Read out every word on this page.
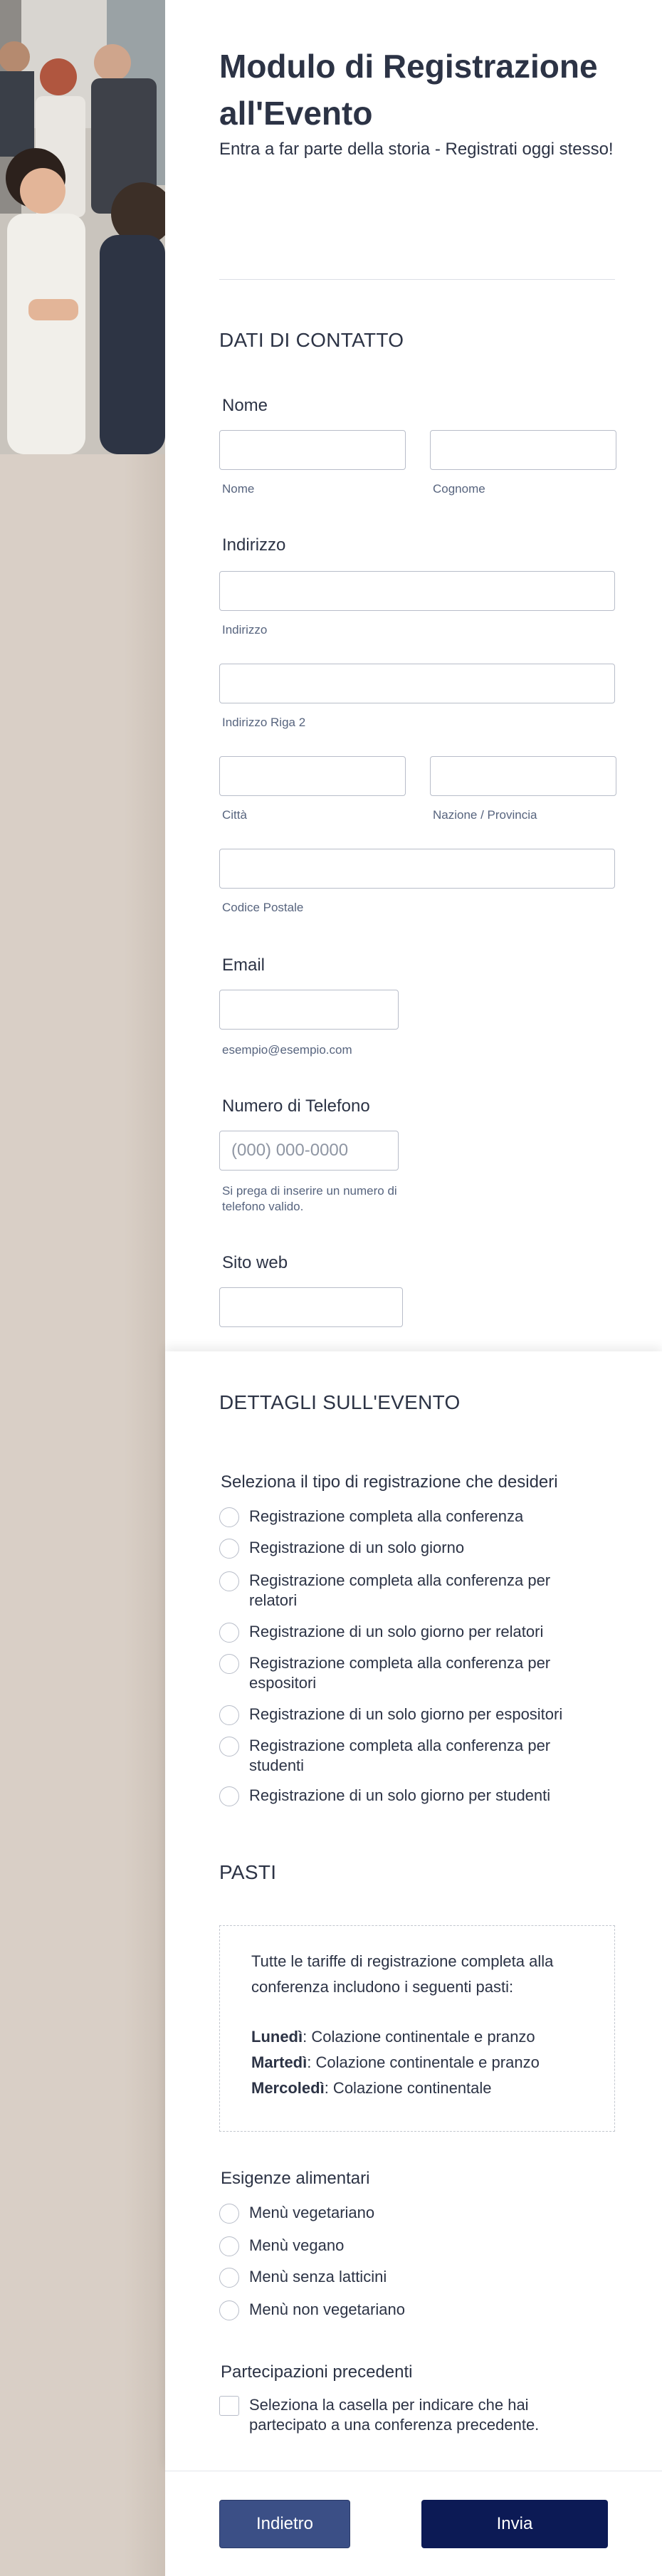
Modulo di Registrazione all'Evento
Entra a far parte della storia - Registrati oggi stesso!
DATI DI CONTATTO
Nome
Nome	Cognome
Indirizzo
Indirizzo
Indirizzo Riga 2
Città	Nazione / Provincia
Codice Postale
Email
esempio@esempio.com
Numero di Telefono
(000) 000-0000
Si prega di inserire un numero di telefono valido.
Sito web
DETTAGLI SULL'EVENTO
Seleziona il tipo di registrazione che desideri
Registrazione completa alla conferenza
Registrazione di un solo giorno
Registrazione completa alla conferenza per relatori
Registrazione di un solo giorno per relatori
Registrazione completa alla conferenza per espositori
Registrazione di un solo giorno per espositori
Registrazione completa alla conferenza per studenti
Registrazione di un solo giorno per studenti
PASTI
Tutte le tariffe di registrazione completa alla conferenza includono i seguenti pasti:
Lunedì: Colazione continentale e pranzo
Martedì: Colazione continentale e pranzo
Mercoledì: Colazione continentale
Esigenze alimentari
Menù vegetariano
Menù vegano
Menù senza latticini
Menù non vegetariano
Partecipazioni precedenti
Seleziona la casella per indicare che hai partecipato a una conferenza precedente.
Indietro	Invia
